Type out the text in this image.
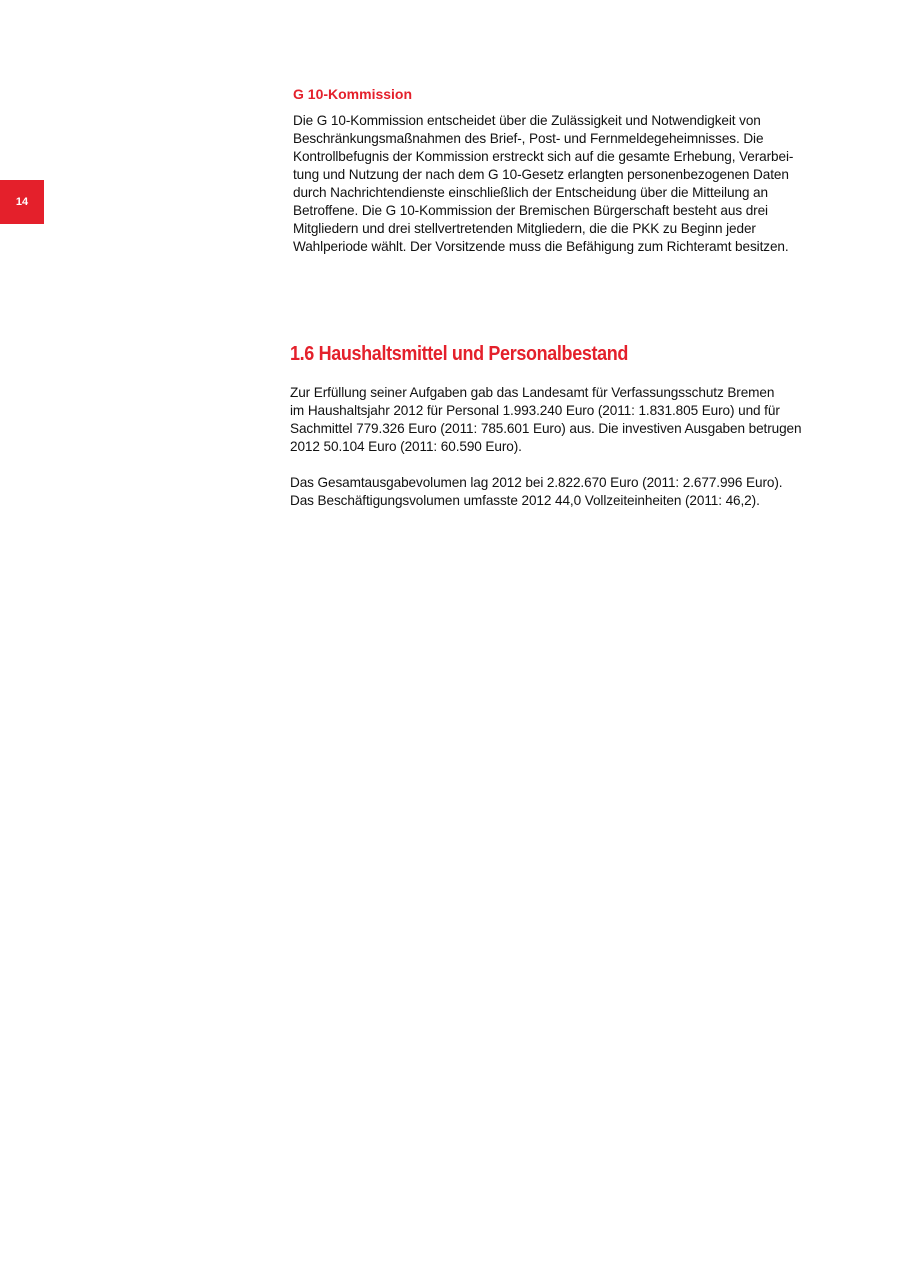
14
G 10-Kommission

Die G 10-Kommission entscheidet über die Zulässigkeit und Notwendigkeit von
Beschränkungsmaßnahmen des Brief-, Post- und Fernmeldegeheimnisses. Die
Kontrollbefugnis der Kommission erstreckt sich auf die gesamte Erhebung, Verarbei-
tung und Nutzung der nach dem G 10-Gesetz erlangten personenbezogenen Daten
durch Nachrichtendienste einschließlich der Entscheidung über die Mitteilung an
Betroffene. Die G 10-Kommission der Bremischen Bürgerschaft besteht aus drei
Mitgliedern und drei stellvertretenden Mitgliedern, die die PKK zu Beginn jeder
Wahlperiode wählt. Der Vorsitzende muss die Befähigung zum Richteramt besitzen.

1.6 Haushaltsmittel und Personalbestand

Zur Erfüllung seiner Aufgaben gab das Landesamt für Verfassungsschutz Bremen
im Haushaltsjahr 2012 für Personal 1.993.240 Euro (2011: 1.831.805 Euro) und für
Sachmittel 779.326 Euro (2011: 785.601 Euro) aus. Die investiven Ausgaben betrugen
2012 50.104 Euro (2011: 60.590 Euro).

Das Gesamtausgabevolumen lag 2012 bei 2.822.670 Euro (2011: 2.677.996 Euro).
Das Beschäftigungsvolumen umfasste 2012 44,0 Vollzeiteinheiten (2011: 46,2).
